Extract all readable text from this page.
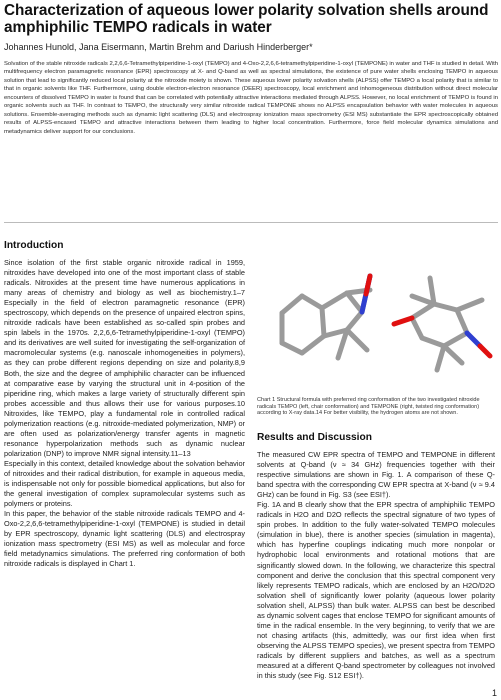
Characterization of aqueous lower polarity solvation shells around amphiphilic TEMPO radicals in water
Johannes Hunold, Jana Eisermann, Martin Brehm and Dariush Hinderberger*
Solvation of the stable nitroxide radicals 2,2,6,6-Tetramethylpiperidine-1-oxyl (TEMPO) and 4-Oxo-2,2,6,6-tetramethylpiperidine-1-oxyl (TEMPONE) in water and THF is studied in detail. With multifrequency electron paramagnetic resonance (EPR) spectroscopy at X- and Q-band as well as spectral simulations, the existence of pure water shells enclosing TEMPO in aqueous solution that lead to significantly reduced local polarity at the nitroxide moiety is shown. These aqueous lower polarity solvation shells (ALPSS) offer TEMPO a local polarity that is similar to that in organic solvents like THF. Furthermore, using double electron-electron resonance (DEER) spectroscopy, local enrichment and inhomogeneous distribution without direct molecular encounters of dissolved TEMPO in water is found that can be correlated with potentially attractive interactions mediated through ALPSS. However, no local enrichment of TEMPO is found in organic solvents such as THF. In contrast to TEMPO, the structurally very similar nitroxide radical TEMPONE shows no ALPSS encapsulation behavior with water molecules in aqueous solutions. Ensemble-averaging methods such as dynamic light scattering (DLS) and electrospray ionization mass spectrometry (ESI MS) substantiate the EPR spectroscopically obtained results of ALPSS-encased TEMPO and attractive interactions between them leading to higher local concentration. Furthermore, force field molecular dynamics simulations and metadynamics deliver support for our conclusions.
Introduction

Since isolation of the first stable organic nitroxide radical in 1959, nitroxides have developed into one of the most important class of stable radicals. Nitroxides at the present time have numerous applications in many areas of chemistry and biology as well as biochemistry.1–7 Especially in the field of electron paramagnetic resonance (EPR) spectroscopy, which depends on the presence of unpaired electron spins, nitroxide radicals have been established as so-called spin probes and spin labels in the 1970s. 2,2,6,6-Tetramethylpiperidine-1-oxyl (TEMPO) and its derivatives are well suited for investigating the self-organization of macromolecular systems (e.g. nanoscale inhomogeneities in polymers), as they can probe different regions depending on size and polarity.8,9 Both, the size and the degree of amphiphilic character can be influenced at comparative ease by varying the structural unit in 4-position of the piperidine ring, which makes a large variety of structurally different spin probes accessible and thus allows their use for various purposes.10 Nitroxides, like TEMPO, play a fundamental role in controlled radical polymerization reactions (e.g. nitroxide-mediated polymerization, NMP) or are often used as polarization/energy transfer agents in magnetic resonance hyperpolarization methods such as dynamic nuclear polarization (DNP) to improve NMR signal intensity.11–13

Especially in this context, detailed knowledge about the solvation behavior of nitroxides and their radical distribution, for example in aqueous media, is indispensable not only for possible biomedical applications, but also for the general investigation of complex supramolecular systems such as polymers or proteins.

In this paper, the behavior of the stable nitroxide radicals TEMPO and 4-Oxo-2,2,6,6-tetramethylpiperidine-1-oxyl (TEMPONE) is studied in detail by EPR spectroscopy, dynamic light scattering (DLS) and electrospray ionization mass spectrometry (ESI MS) as well as molecular and force field metadynamics simulations. The preferred ring conformation of both nitroxide radicals is displayed in Chart 1.

Chart 1 Structural formula with preferred ring conformation of the two investigated nitroxide radicals TEMPO (left, chair conformation) and TEMPONE (right, twisted ring conformation) according to X-ray data.14 For better visibility, the hydrogen atoms are not shown.
Results and Discussion

The measured CW EPR spectra of TEMPO and TEMPONE in different solvents at Q-band (ν ≈ 34 GHz) frequencies together with their respective simulations are shown in Fig. 1. A comparison of these Q-band spectra with the corresponding CW EPR spectra at X-band (ν ≈ 9.4 GHz) can be found in Fig. S3 (see ESI†).

Fig. 1A and B clearly show that the EPR spectra of amphiphilic TEMPO radicals in H2O and D2O reflects the spectral signature of two types of spin probes. In addition to the fully water-solvated TEMPO molecules (simulation in blue), there is another species (simulation in magenta), which has hyperfine couplings indicating much more nonpolar or hydrophobic local environments and rotational motions that are significantly slowed down. In the following, we characterize this spectral component and derive the conclusion that this spectral component very likely represents TEMPO radicals, which are enclosed by an H2O/D2O solvation shell of significantly lower polarity (aqueous lower polarity solvation shell, ALPSS) than bulk water. ALPSS can best be described as dynamic solvent cages that enclose TEMPO for significant amounts of time in the radical ensemble. In the very beginning, to verify that we are not chasing artifacts (this, admittedly, was our first idea when first observing the ALPSS TEMPO species), we present spectra from TEMPO radicals by different suppliers and batches, as well as a spectrum measured at a different Q-band spectrometer by colleagues not involved in this study (see Fig. S12 ESI†).

1
